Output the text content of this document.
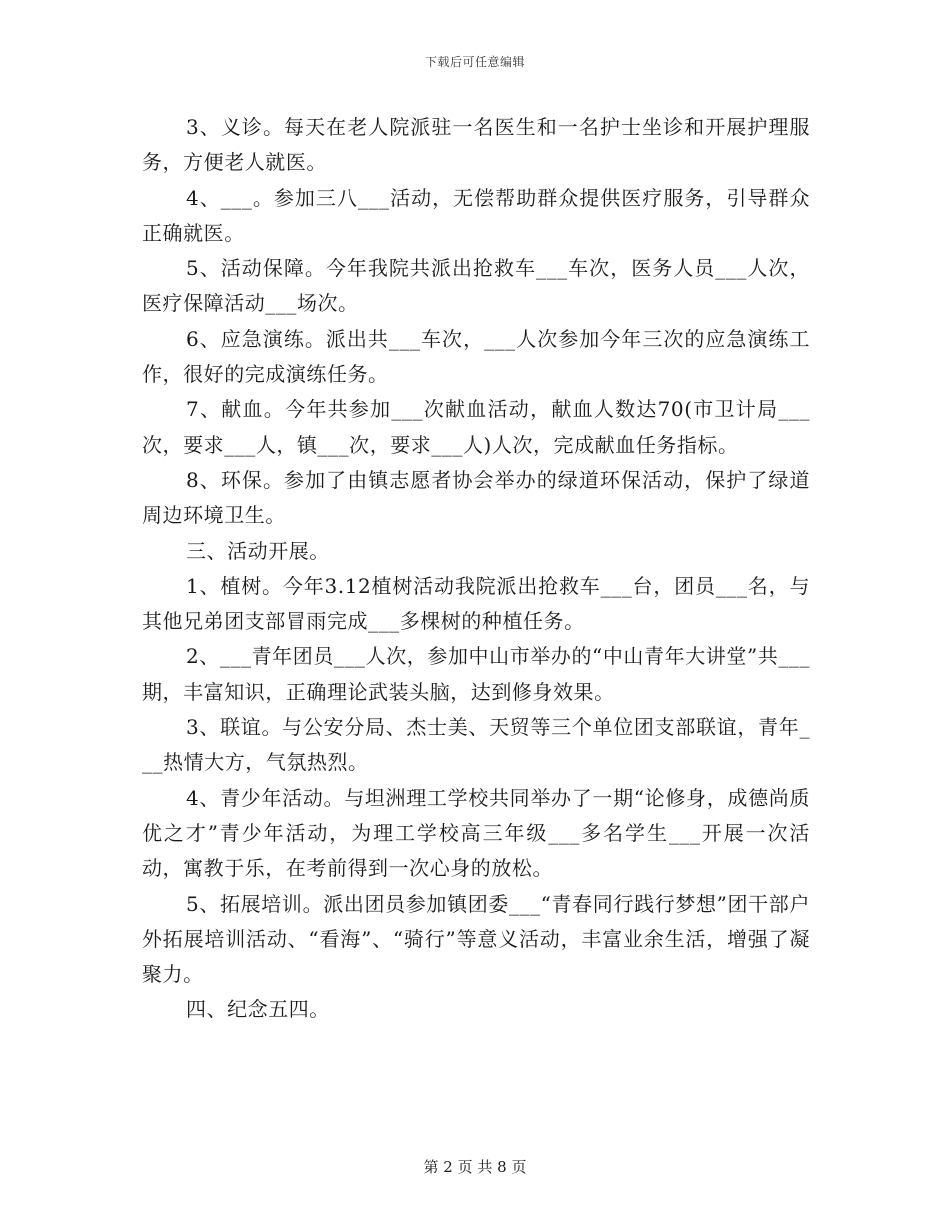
下载后可任意编辑

3、义诊。每天在老人院派驻一名医生和一名护士坐诊和开展护理服务，方便老人就医。

4、___。参加三八___活动，无偿帮助群众提供医疗服务，引导群众正确就医。

5、活动保障。今年我院共派出抢救车___车次，医务人员___人次，医疗保障活动___场次。

6、应急演练。派出共___车次，___人次参加今年三次的应急演练工作，很好的完成演练任务。

7、献血。今年共参加___次献血活动，献血人数达70(市卫计局___次，要求___人，镇___次，要求___人)人次，完成献血任务指标。

8、环保。参加了由镇志愿者协会举办的绿道环保活动，保护了绿道周边环境卫生。

三、活动开展。

1、植树。今年3.12植树活动我院派出抢救车___台，团员___名，与其他兄弟团支部冒雨完成___多棵树的种植任务。

2、___青年团员___人次，参加中山市举办的“中山青年大讲堂”共___期，丰富知识，正确理论武装头脑，达到修身效果。

3、联谊。与公安分局、杰士美、天贸等三个单位团支部联谊，青年___热情大方，气氛热烈。

4、青少年活动。与坦洲理工学校共同举办了一期“论修身，成德尚质优之才”青少年活动，为理工学校高三年级___多名学生___开展一次活动，寓教于乐，在考前得到一次心身的放松。

5、拓展培训。派出团员参加镇团委___“青春同行践行梦想”团干部户外拓展培训活动、“看海”、“骑行”等意义活动，丰富业余生活，增强了凝聚力。

四、纪念五四。

第 2 页 共 8 页
